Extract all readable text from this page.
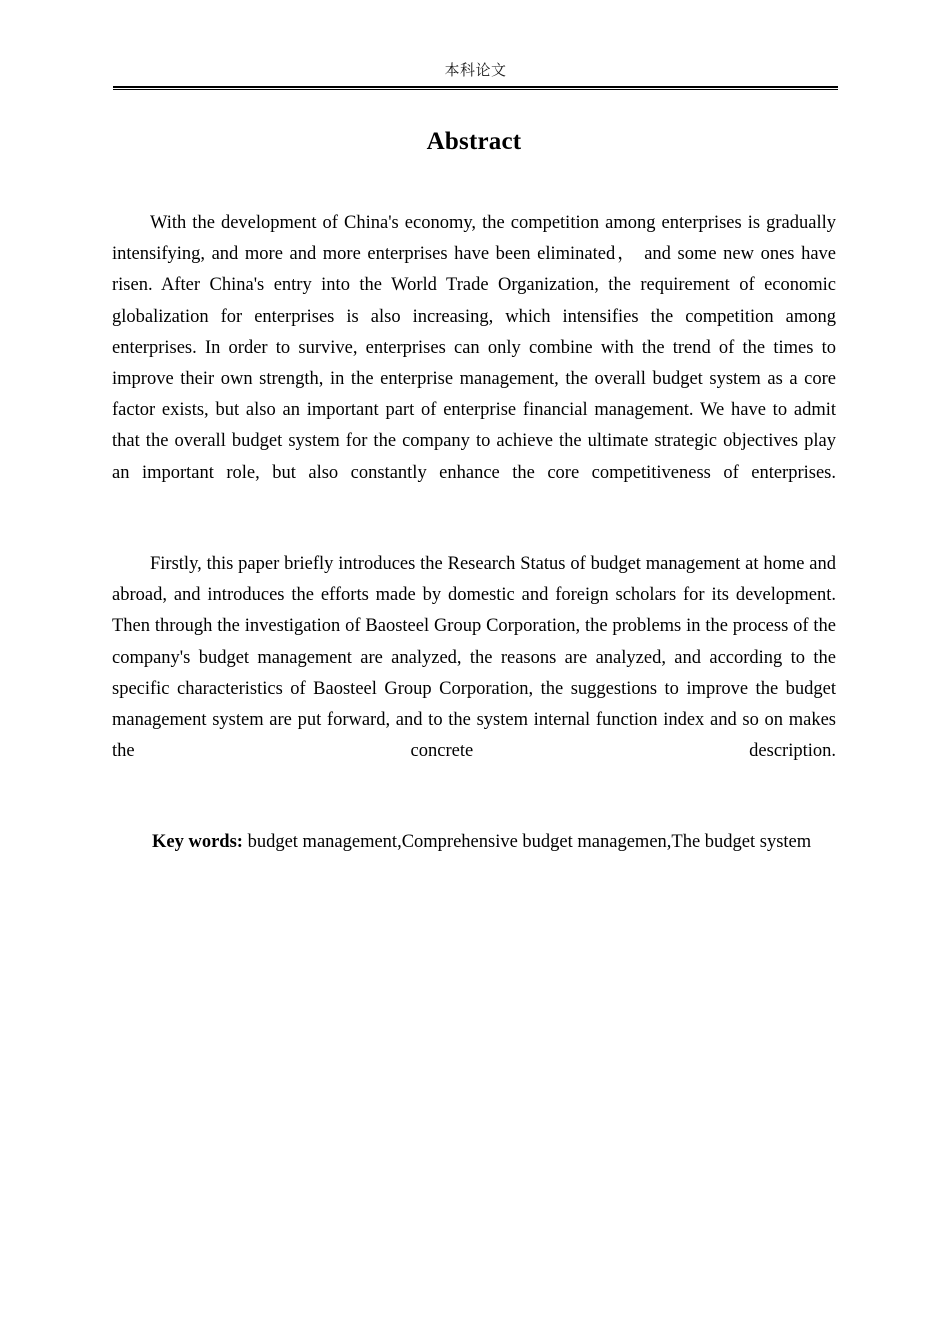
本科论文
Abstract

With the development of China's economy, the competition among enterprises is gradually intensifying, and more and more enterprises have been eliminated， and some new ones have risen. After China's entry into the World Trade Organization, the requirement of economic globalization for enterprises is also increasing, which intensifies the competition among enterprises. In order to survive, enterprises can only combine with the trend of the times to improve their own strength, in the enterprise management, the overall budget system as a core factor exists, but also an important part of enterprise financial management. We have to admit that the overall budget system for the company to achieve the ultimate strategic objectives play an important role, but also constantly enhance the core competitiveness of enterprises.

Firstly, this paper briefly introduces the Research Status of budget management at home and abroad, and introduces the efforts made by domestic and foreign scholars for its development. Then through the investigation of Baosteel Group Corporation, the problems in the process of the company's budget management are analyzed, the reasons are analyzed, and according to the specific characteristics of Baosteel Group Corporation, the suggestions to improve the budget management system are put forward, and to the system internal function index and so on makes the concrete description.

Key words: budget management,Comprehensive budget managemen,The budget system
